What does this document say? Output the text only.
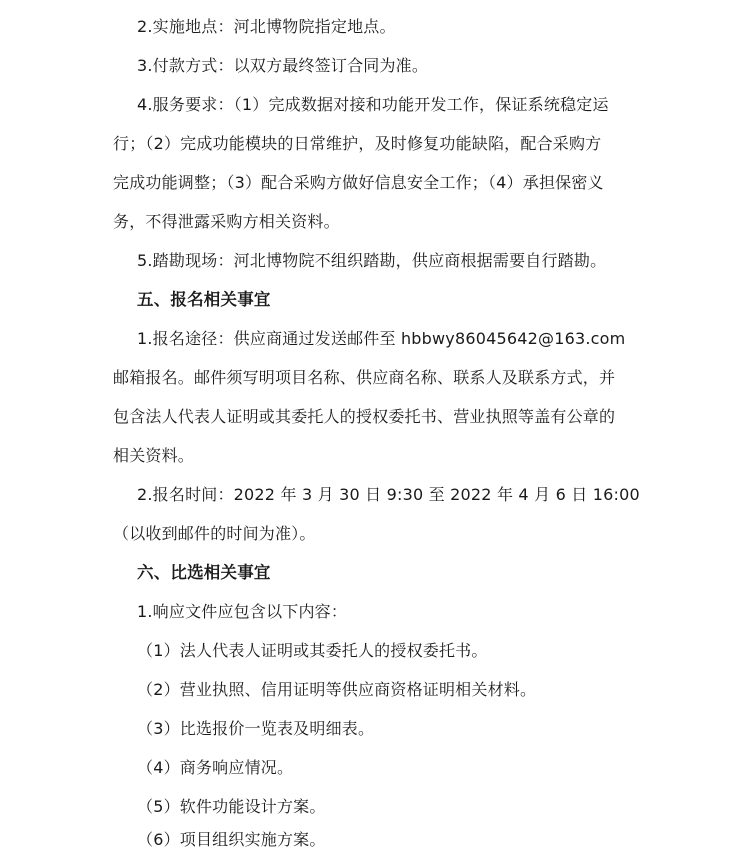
2.实施地点：河北博物院指定地点。
3.付款方式：以双方最终签订合同为准。
4.服务要求：（1）完成数据对接和功能开发工作，保证系统稳定运
行；（2）完成功能模块的日常维护，及时修复功能缺陷，配合采购方
完成功能调整；（3）配合采购方做好信息安全工作；（4）承担保密义
务，不得泄露采购方相关资料。
5.踏勘现场：河北博物院不组织踏勘，供应商根据需要自行踏勘。
五、报名相关事宜
1.报名途径：供应商通过发送邮件至 hbbwy86045642@163.com
邮箱报名。邮件须写明项目名称、供应商名称、联系人及联系方式，并
包含法人代表人证明或其委托人的授权委托书、营业执照等盖有公章的
相关资料。
2.报名时间：2022 年 3 月 30 日 9:30 至 2022 年 4 月 6 日 16:00
（以收到邮件的时间为准）。
六、比选相关事宜
1.响应文件应包含以下内容：
（1）法人代表人证明或其委托人的授权委托书。
（2）营业执照、信用证明等供应商资格证明相关材料。
（3）比选报价一览表及明细表。
（4）商务响应情况。
（5）软件功能设计方案。
（6）项目组织实施方案。
